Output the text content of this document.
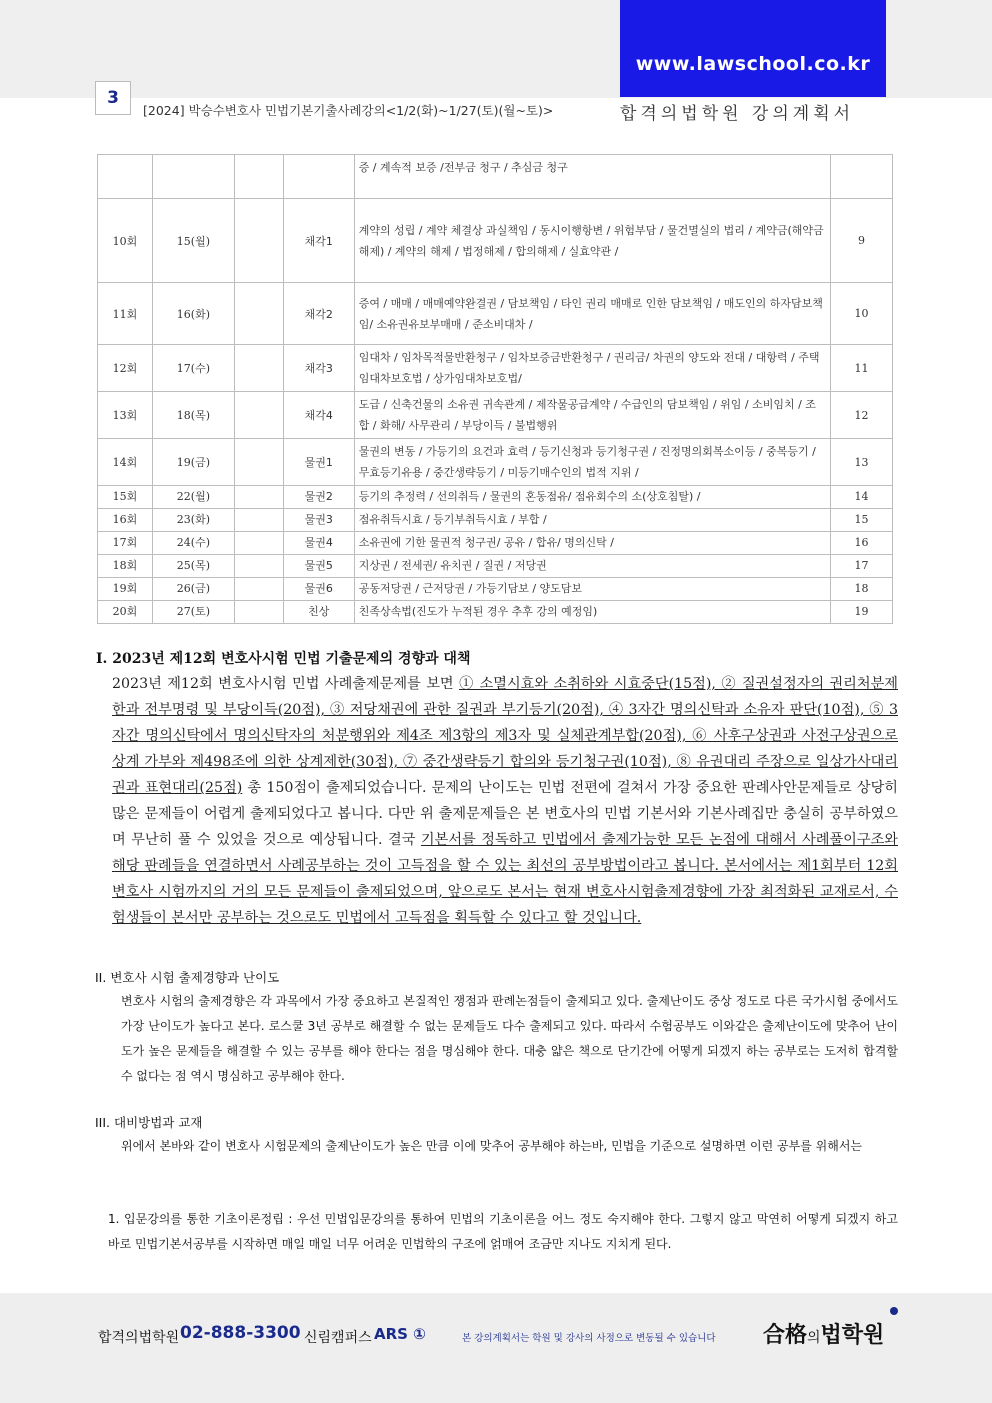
www.lawschool.co.kr
3
[2024] 박승수변호사 민법기본기출사례강의<1/2(화)~1/27(토)(월~토)>	합격의법학원 강의계획서
				증 / 계속적 보증 /전부금 청구 / 추심금 청구	
10회	15(월)		채각1	계약의 성립 / 계약 체결상 과실책임 / 동시이행항변 / 위험부담 / 물건멸실의 법리 / 계약금(해약금해제) / 계약의 해제 / 법정해제 / 합의해제 / 실효약관 /	9
11회	16(화)		채각2	증여 / 매매 / 매매예약완결권 / 담보책임 / 타인 권리 매매로 인한 담보책임 / 매도인의 하자담보책임/ 소유권유보부매매 / 준소비대차 /	10
12회	17(수)		채각3	임대차 / 임차목적물반환청구 / 임차보증금반환청구 / 권리금/ 차권의 양도와 전대 / 대항력 / 주택임대차보호법 / 상가임대차보호법/	11
13회	18(목)		채각4	도급 / 신축건물의 소유권 귀속관계 / 제작물공급계약 / 수급인의 담보책임 / 위임 / 소비임치 / 조합 / 화해/ 사무관리 / 부당이득 / 불법행위	12
14회	19(금)		물권1	물권의 변동 / 가등기의 요건과 효력 / 등기신청과 등기청구권 / 진정명의회복소이등 / 중복등기 / 무효등기유용 / 중간생략등기 / 미등기매수인의 법적 지위 /	13
15회	22(월)		물권2	등기의 추정력 / 선의취득 / 물권의 혼동점유/ 점유회수의 소(상호침탈) /	14
16회	23(화)		물권3	점유취득시효 / 등기부취득시효 / 부합 /	15
17회	24(수)		물권4	소유권에 기한 물권적 청구권/ 공유 / 합유/ 명의신탁 /	16
18회	25(목)		물권5	지상권 / 전세권/ 유치권 / 질권 / 저당권	17
19회	26(금)		물권6	공동저당권 / 근저당권 / 가등기담보 / 양도담보	18
20회	27(토)		친상	친족상속법(진도가 누적된 경우 추후 강의 예정임)	19
I. 2023년 제12회 변호사시험 민법 기출문제의 경향과 대책
2023년 제12회 변호사시험 민법 사례출제문제를 보면 ① 소멸시효와 소취하와 시효중단(15점), ② 질권설정자의 권리처분제한과 전부명령 및 부당이득(20점), ③ 저당채권에 관한 질권과 부기등기(20점), ④ 3자간 명의신탁과 소유자 판단(10점), ⑤ 3자간 명의신탁에서 명의신탁자의 처분행위와 제4조 제3항의 제3자 및 실체관계부합(20점), ⑥ 사후구상권과 사전구상권으로 상계 가부와 제498조에 의한 상계제한(30점), ⑦ 중간생략등기 합의와 등기청구권(10점), ⑧ 유권대리 주장으로 일상가사대리권과 표현대리(25점) 총 150점이 출제되었습니다. 문제의 난이도는 민법 전편에 걸쳐서 가장 중요한 판례사안문제들로 상당히 많은 문제들이 어렵게 출제되었다고 봅니다. 다만 위 출제문제들은 본 변호사의 민법 기본서와 기본사례집만 충실히 공부하였으며 무난히 풀 수 있었을 것으로 예상됩니다. 결국 기본서를 정독하고 민법에서 출제가능한 모든 논점에 대해서 사례풀이구조와 해당 판례들을 연결하면서 사례공부하는 것이 고득점을 할 수 있는 최선의 공부방법이라고 봅니다. 본서에서는 제1회부터 12회 변호사 시험까지의 거의 모든 문제들이 출제되었으며, 앞으로도 본서는 현재 변호사시험출제경향에 가장 최적화된 교재로서, 수험생들이 본서만 공부하는 것으로도 민법에서 고득점을 획득할 수 있다고 할 것입니다.
II. 변호사 시험 출제경향과 난이도
변호사 시험의 출제경향은 각 과목에서 가장 중요하고 본질적인 쟁점과 판례논점들이 출제되고 있다. 출제난이도 중상 정도로 다른 국가시험 중에서도 가장 난이도가 높다고 본다. 로스쿨 3년 공부로 해결할 수 없는 문제들도 다수 출제되고 있다. 따라서 수험공부도 이와같은 출제난이도에 맞추어 난이도가 높은 문제들을 해결할 수 있는 공부를 해야 한다는 점을 명심해야 한다. 대충 얇은 책으로 단기간에 어떻게 되겠지 하는 공부로는 도저히 합격할 수 없다는 점 역시 명심하고 공부해야 한다.
III. 대비방법과 교재
위에서 본바와 같이 변호사 시험문제의 출제난이도가 높은 만큼 이에 맞추어 공부해야 하는바, 민법을 기준으로 설명하면 이런 공부를 위해서는
1. 입문강의를 통한 기초이론정립 : 우선 민법입문강의를 통하여 민법의 기초이론을 어느 정도 숙지해야 한다. 그렇지 않고 막연히 어떻게 되겠지 하고 바로 민법기본서공부를 시작하면 매일 매일 너무 어려운 민법학의 구조에 얽매여 조금만 지나도 지치게 된다.
합격의법학원 02-888-3300 신림캠퍼스 ARS ①	본 강의계획서는 학원 및 강사의 사정으로 변동될 수 있습니다 合格의법학원
